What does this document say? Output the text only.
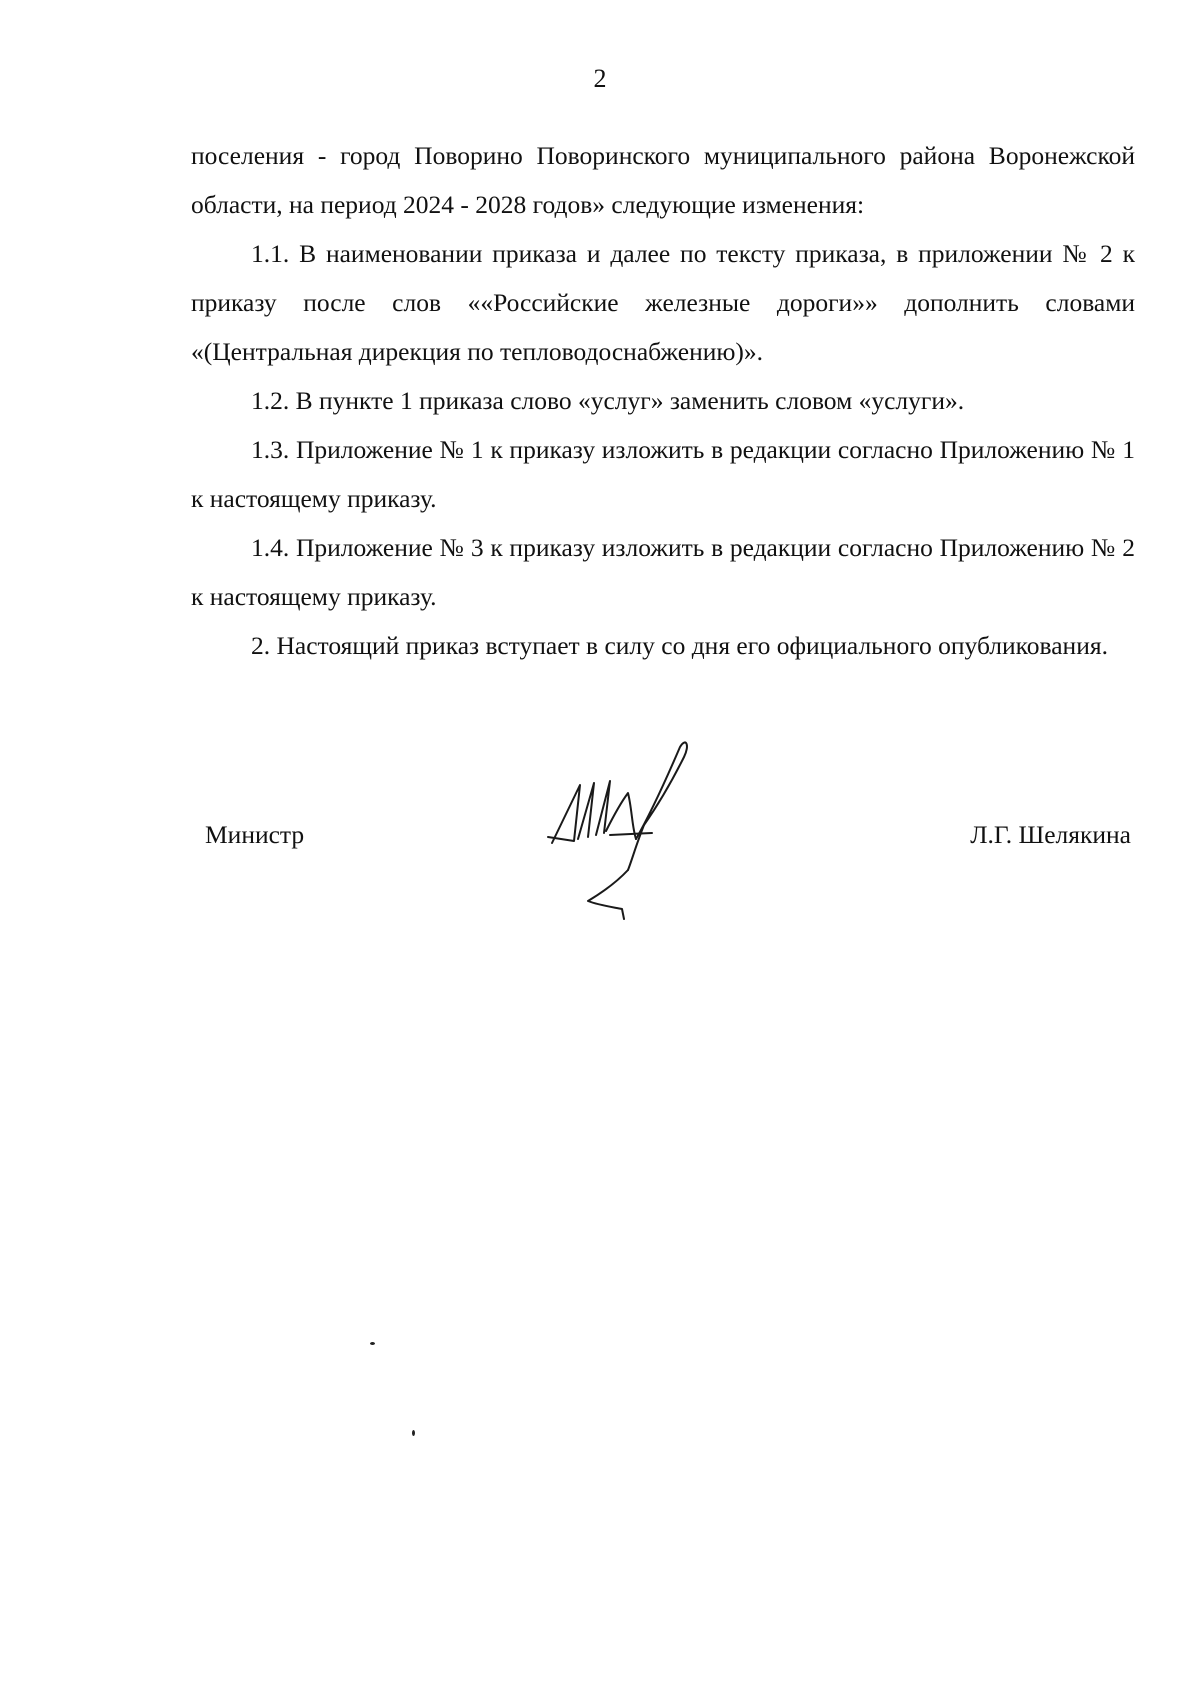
2

поселения - город Поворино Поворинского муниципального района Воронежской области, на период 2024 - 2028 годов» следующие изменения:

1.1. В наименовании приказа и далее по тексту приказа, в приложении № 2 к приказу после слов ««Российские железные дороги»» дополнить словами «(Центральная дирекция по тепловодоснабжению)».

1.2. В пункте 1 приказа слово «услуг» заменить словом «услуги».

1.3. Приложение № 1 к приказу изложить в редакции согласно Приложению № 1 к настоящему приказу.

1.4. Приложение № 3 к приказу изложить в редакции согласно Приложению № 2 к настоящему приказу.

2. Настоящий приказ вступает в силу со дня его официального опубликования.

Министр	Л.Г. Шелякина
